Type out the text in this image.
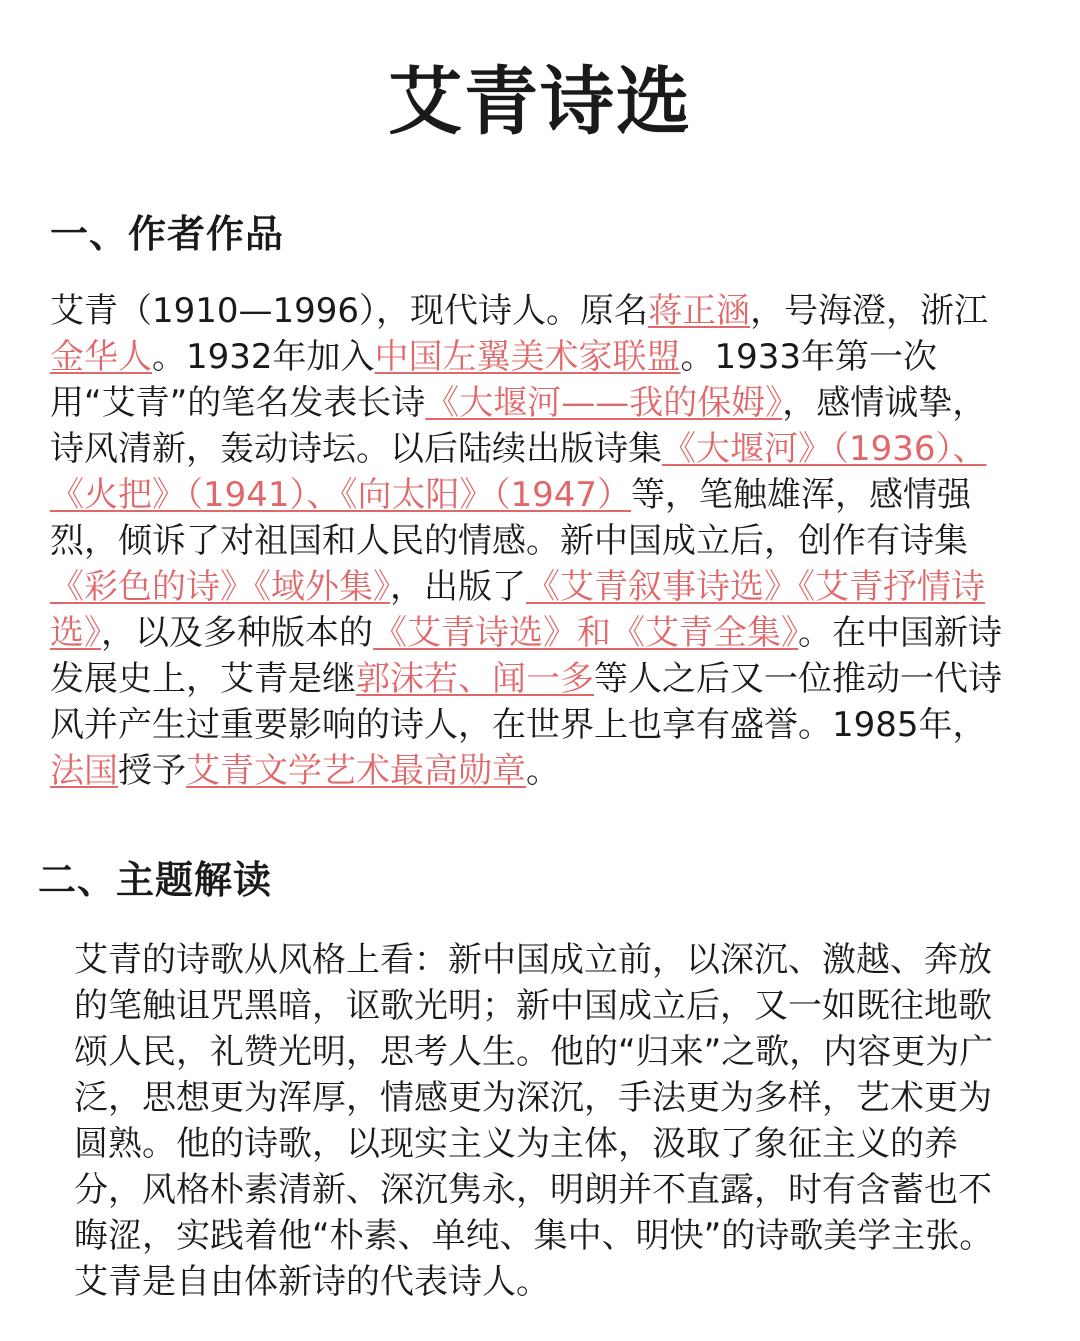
艾青诗选
一、作者作品
艾青（1910—1996），现代诗人。原名蒋正涵，号海澄，浙江金华人。1932年加入中国左翼美术家联盟。1933年第一次用“艾青”的笔名发表长诗《大堰河——我的保姆》，感情诚挚，诗风清新，轰动诗坛。以后陆续出版诗集《大堰河》（1936）、《火把》（1941）、《向太阳》（1947）等，笔触雄浑，感情强烈，倾诉了对祖国和人民的情感。新中国成立后，创作有诗集《彩色的诗》《域外集》，出版了《艾青叙事诗选》《艾青抒情诗选》，以及多种版本的《艾青诗选》和《艾青全集》。在中国新诗发展史上，艾青是继郭沫若、闻一多等人之后又一位推动一代诗风并产生过重要影响的诗人，在世界上也享有盛誉。1985年，法国授予艾青文学艺术最高勋章。
二、主题解读
艾青的诗歌从风格上看：新中国成立前，以深沉、激越、奔放的笔触诅咒黑暗，讴歌光明；新中国成立后，又一如既往地歌颂人民，礼赞光明，思考人生。他的“归来”之歌，内容更为广泛，思想更为浑厚，情感更为深沉，手法更为多样，艺术更为圆熟。他的诗歌，以现实主义为主体，汲取了象征主义的养分，风格朴素清新、深沉隽永，明朗并不直露，时有含蓄也不晦涩，实践着他“朴素、单纯、集中、明快”的诗歌美学主张。艾青是自由体新诗的代表诗人。
